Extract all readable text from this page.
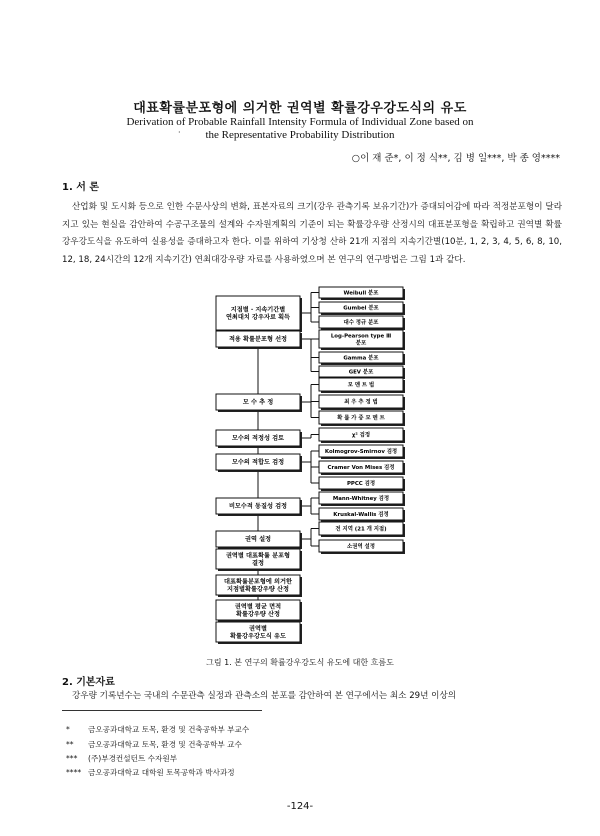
대표확률분포형에 의거한 권역별 확률강우강도식의 유도
Derivation of Probable Rainfall Intensity Formula of Individual Zone based on
the Representative Probability Distribution
·
○이 재 준*, 이 정 식**, 김 병 일***, 박 종 영****
1. 서 론
산업화 및 도시화 등으로 인한 수문사상의 변화, 표본자료의 크기(강우 관측기록 보유기간)가 증대되어감에 따라 적정분포형이 달라지고 있는 현실을 감안하여 수공구조물의 설계와 수자원계획의 기준이 되는 확률강우량 산정시의 대표분포형을 확립하고 권역별 확률강우강도식을 유도하여 실용성을 증대하고자 한다. 이를 위하여 기상청 산하 21개 지점의 지속기간별(10분, 1, 2, 3, 4, 5, 6, 8, 10, 12, 18, 24시간의 12개 지속기간) 연최대강우량 자료를 사용하였으며 본 연구의 연구방법은 그림 1과 같다.
지점별 · 지속기간별
연최대치 강우자료 획득
적용 확률분포형 선정
모 수 추 정
모수의 적정성 검토
모수의 적합도 검정
비모수적 동질성 검정
권역 설정
권역별 대표확률 분포형
결정
대표확률분포형에 의거한
지점별확률강우량 산정
권역별 평균 면적
확률강우량 산정
권역별
확률강우강도식 유도
Weibull 분포
Gumbel 분포
대수 정규 분포
Log-Pearson type Ⅲ
분포
Gamma 분포
GEV 분포
모 멘 트 법
최 우 추 정 법
확 률 가 중 모 멘 트
χ² 검정
Kolmogrov-Smirnov 검정
Cramer Von Mises 검정
PPCC 검정
Mann-Whitney 검정
Kruskal-Wallis 검정
전 지역 (21 개 지점)
소권역 설정
그림 1. 본 연구의 확률강우강도식 유도에 대한 흐름도
2. 기본자료
강우량 기록년수는 국내의 수문관측 실정과 관측소의 분포를 감안하여 본 연구에서는 최소 29년 이상의
* 금오공과대학교 토목, 환경 및 건축공학부 부교수
** 금오공과대학교 토목, 환경 및 건축공학부 교수
*** (주)부경컨설턴트 수자원부
**** 금오공과대학교 대학원 토목공학과 박사과정
-124-
